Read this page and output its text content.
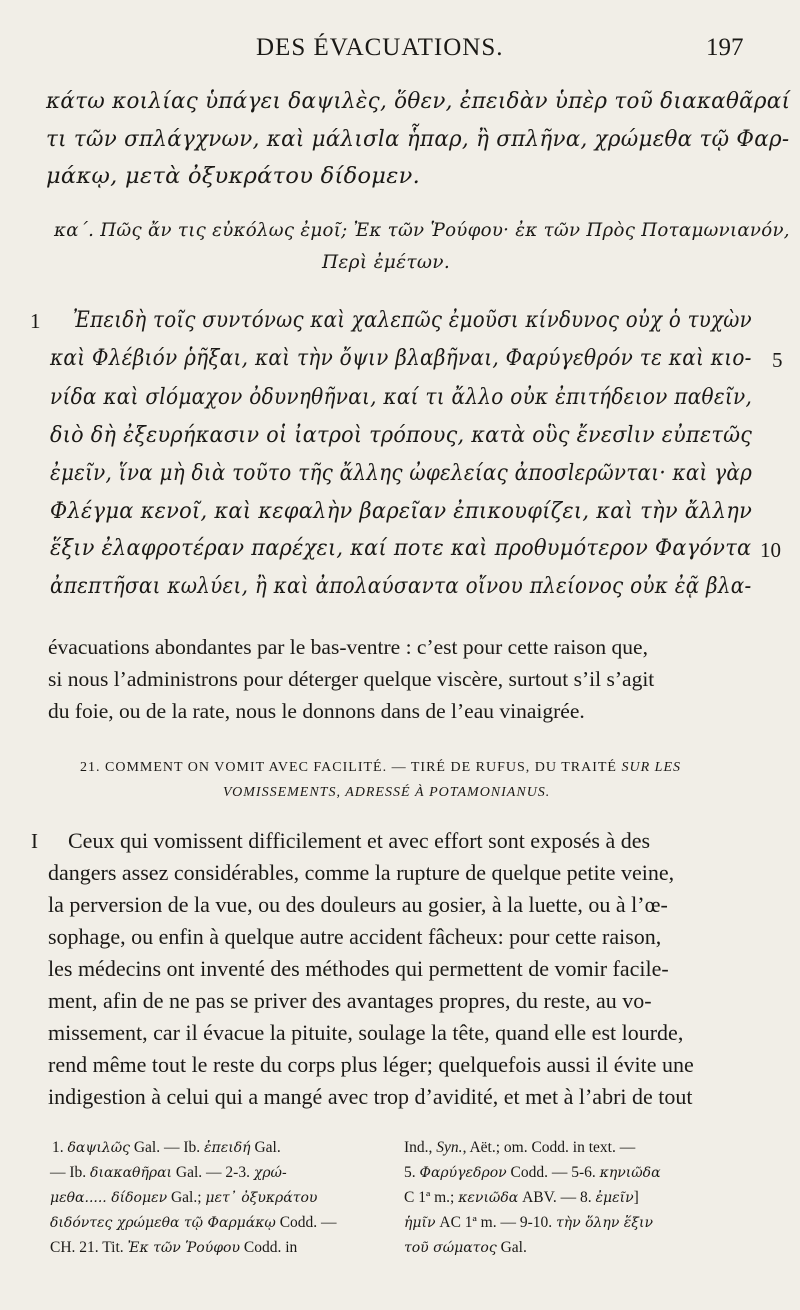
DES ÉVACUATIONS.	197
κάτω κοιλίας ὑπάγει δαψιλὲς, ὅθεν, ἐπειδὰν ὑπὲρ τοῦ διακαθᾶραί
τι τῶν σπλάγχνων, καὶ μάλισlα ἧπαρ, ἢ σπλῆνα, χρώμεθα τῷ Φαρ-
μάκῳ, μετὰ ὀξυκράτου δίδομεν.
κα΄. Πῶς ἄν τις εὐκόλως ἐμοῖ; Ἐκ τῶν Ῥούφου· ἐκ τῶν Πρὸς Ποταμωνιανόν,
Περὶ ἐμέτων.
1 Ἐπειδὴ τοῖς συντόνως καὶ χαλεπῶς ἐμοῦσι κίνδυνος οὐχ ὁ τυχὼν
καὶ Φλέβιόν ῥῆξαι, καὶ τὴν ὄψιν βλαβῆναι, Φαρύγεθρόν τε καὶ κιο-
νίδα καὶ σlόμαχον ὀδυνηθῆναι, καί τι ἄλλο οὐκ ἐπιτήδειον παθεῖν,
διὸ δὴ ἐξευρήκασιν οἱ ἰατροὶ τρόπους, κατὰ οὓς ἔνεσlιν εὐπετῶς
ἐμεῖν, ἵνα μὴ διὰ τοῦτο τῆς ἄλλης ὠφελείας ἀποσlερῶνται· καὶ γὰρ
Φλέγμα κενοῖ, καὶ κεφαλὴν βαρεῖαν ἐπικουφίζει, καὶ τὴν ἄλλην
ἕξιν ἐλαφροτέραν παρέχει, καί ποτε καὶ προθυμότερον Φαγόντα
ἀπεπτῆσαι κωλύει, ἢ καὶ ἀπολαύσαντα οἴνου πλείονος οὐκ ἐᾷ βλα-
5
10
évacuations abondantes par le bas-ventre : c’est pour cette raison que,
si nous l’administrons pour déterger quelque viscère, surtout s’il s’agit
du foie, ou de la rate, nous le donnons dans de l’eau vinaigrée.
21. COMMENT ON VOMIT AVEC FACILITÉ. — TIRÉ DE RUFUS, DU TRAITÉ SUR LES
VOMISSEMENTS, ADRESSÉ À POTAMONIANUS.
I Ceux qui vomissent difficilement et avec effort sont exposés à des
dangers assez considérables, comme la rupture de quelque petite veine,
la perversion de la vue, ou des douleurs au gosier, à la luette, ou à l’œ-
sophage, ou enfin à quelque autre accident fâcheux: pour cette raison,
les médecins ont inventé des méthodes qui permettent de vomir facile-
ment, afin de ne pas se priver des avantages propres, du reste, au vo-
missement, car il évacue la pituite, soulage la tête, quand elle est lourde,
rend même tout le reste du corps plus léger; quelquefois aussi il évite une
indigestion à celui qui a mangé avec trop d’avidité, et met à l’abri de tout
1. δαψιλῶς Gal. — Ib. ἐπειδή Gal.
— Ib. διακαθῆραι Gal. — 2-3. χρώ-
μεθα..... δίδομεν Gal.; μετ᾽ ὀξυκράτου
διδόντες χρώμεθα τῷ Φαρμάκῳ Codd. —
CH. 21. Tit. Ἐκ τῶν Ῥούφου Codd. in
Ind., Syn., Aët.; om. Codd. in text. —
5. Φαρύγεδρον Codd. — 5-6. κηνιῶδα
C 1ª m.; κενιῶδα ABV. — 8. ἐμεῖν]
ἡμῖν AC 1ª m. — 9-10. τὴν ὅλην ἕξιν
τοῦ σώματος Gal.
